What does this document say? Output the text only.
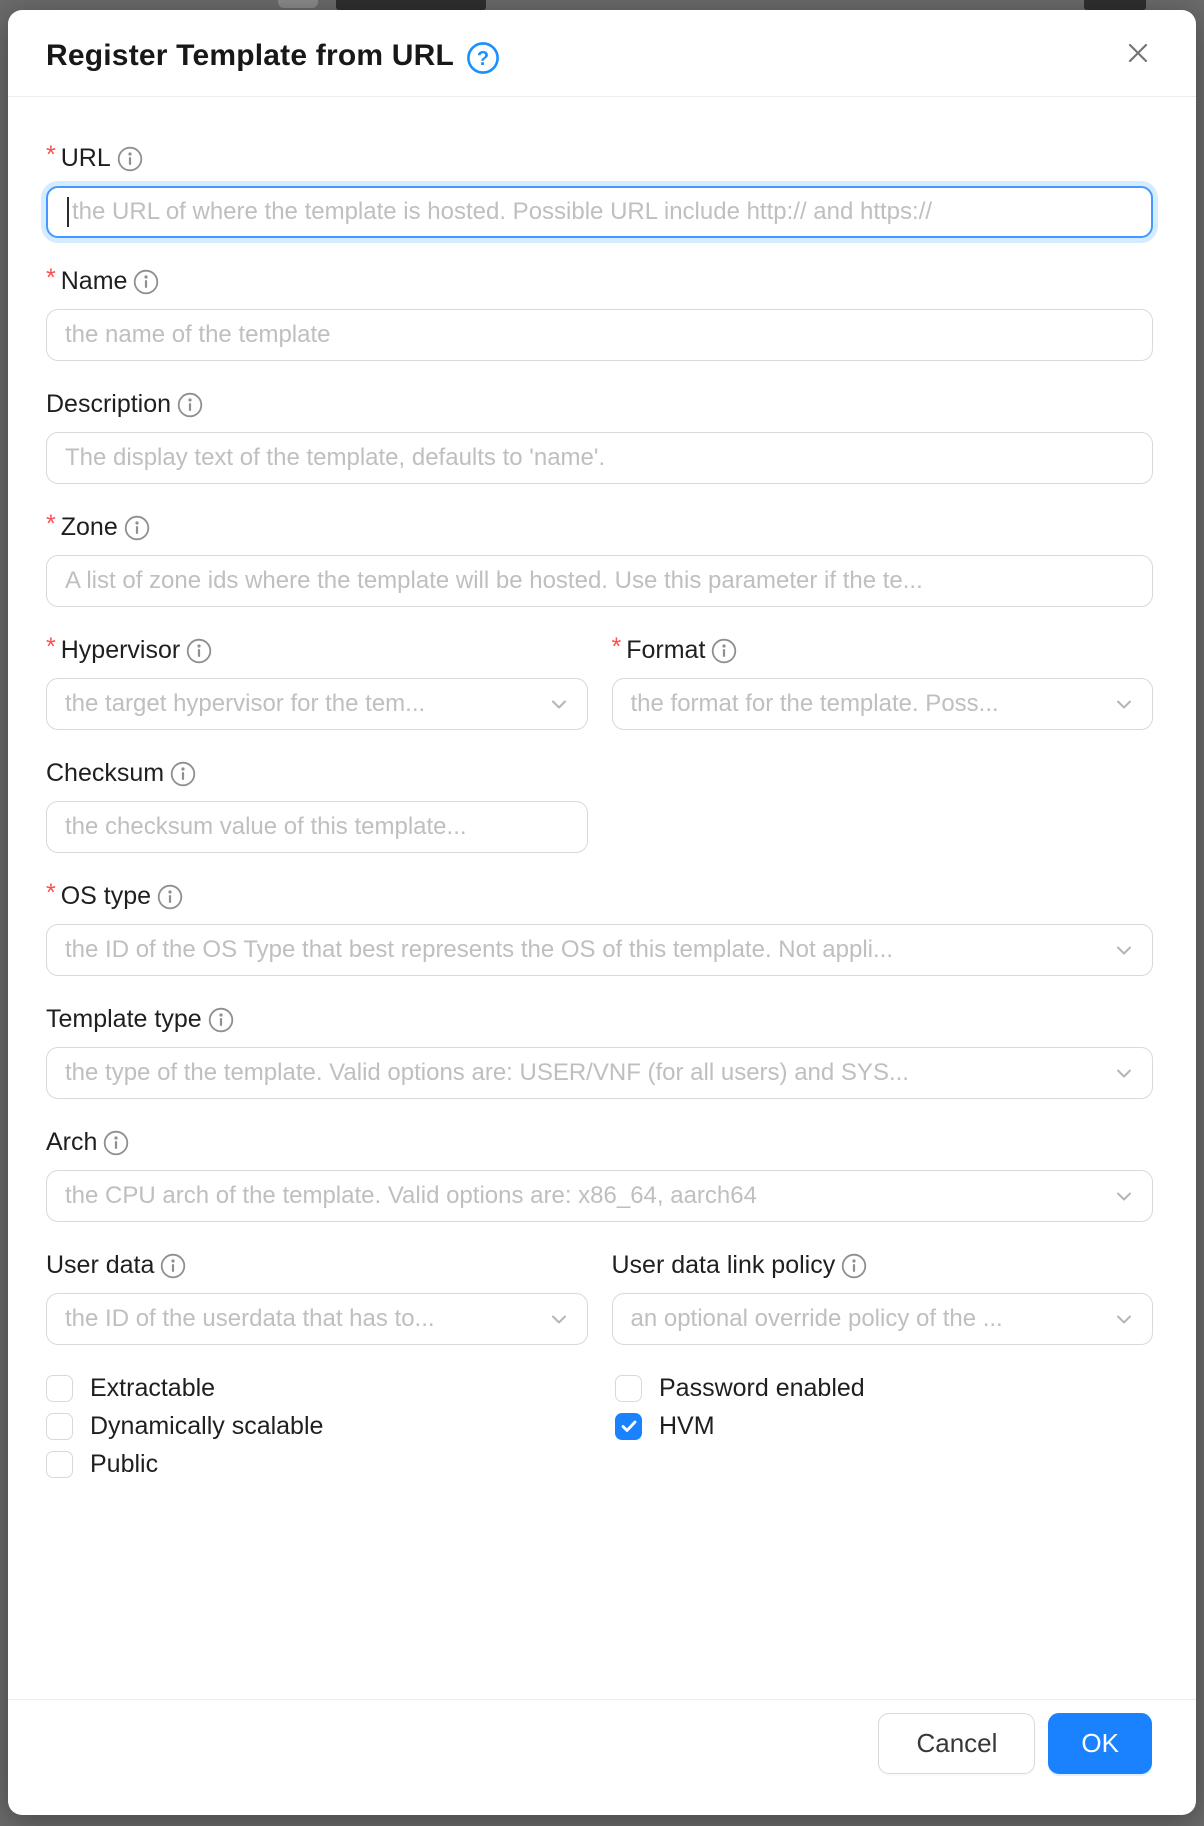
Register Template from URL ?
* URL
the URL of where the template is hosted. Possible URL include http:// and https://
* Name
the name of the template
Description
The display text of the template, defaults to 'name'.
* Zone
A list of zone ids where the template will be hosted. Use this parameter if the te...
* Hypervisor
the target hypervisor for the tem...
* Format
the format for the template. Poss...
Checksum
the checksum value of this template...
* OS type
the ID of the OS Type that best represents the OS of this template. Not appli...
Template type
the type of the template. Valid options are: USER/VNF (for all users) and SYS...
Arch
the CPU arch of the template. Valid options are: x86_64, aarch64
User data
the ID of the userdata that has to...
User data link policy
an optional override policy of the ...
Extractable
Dynamically scalable
Public
Password enabled
HVM
Cancel	OK
